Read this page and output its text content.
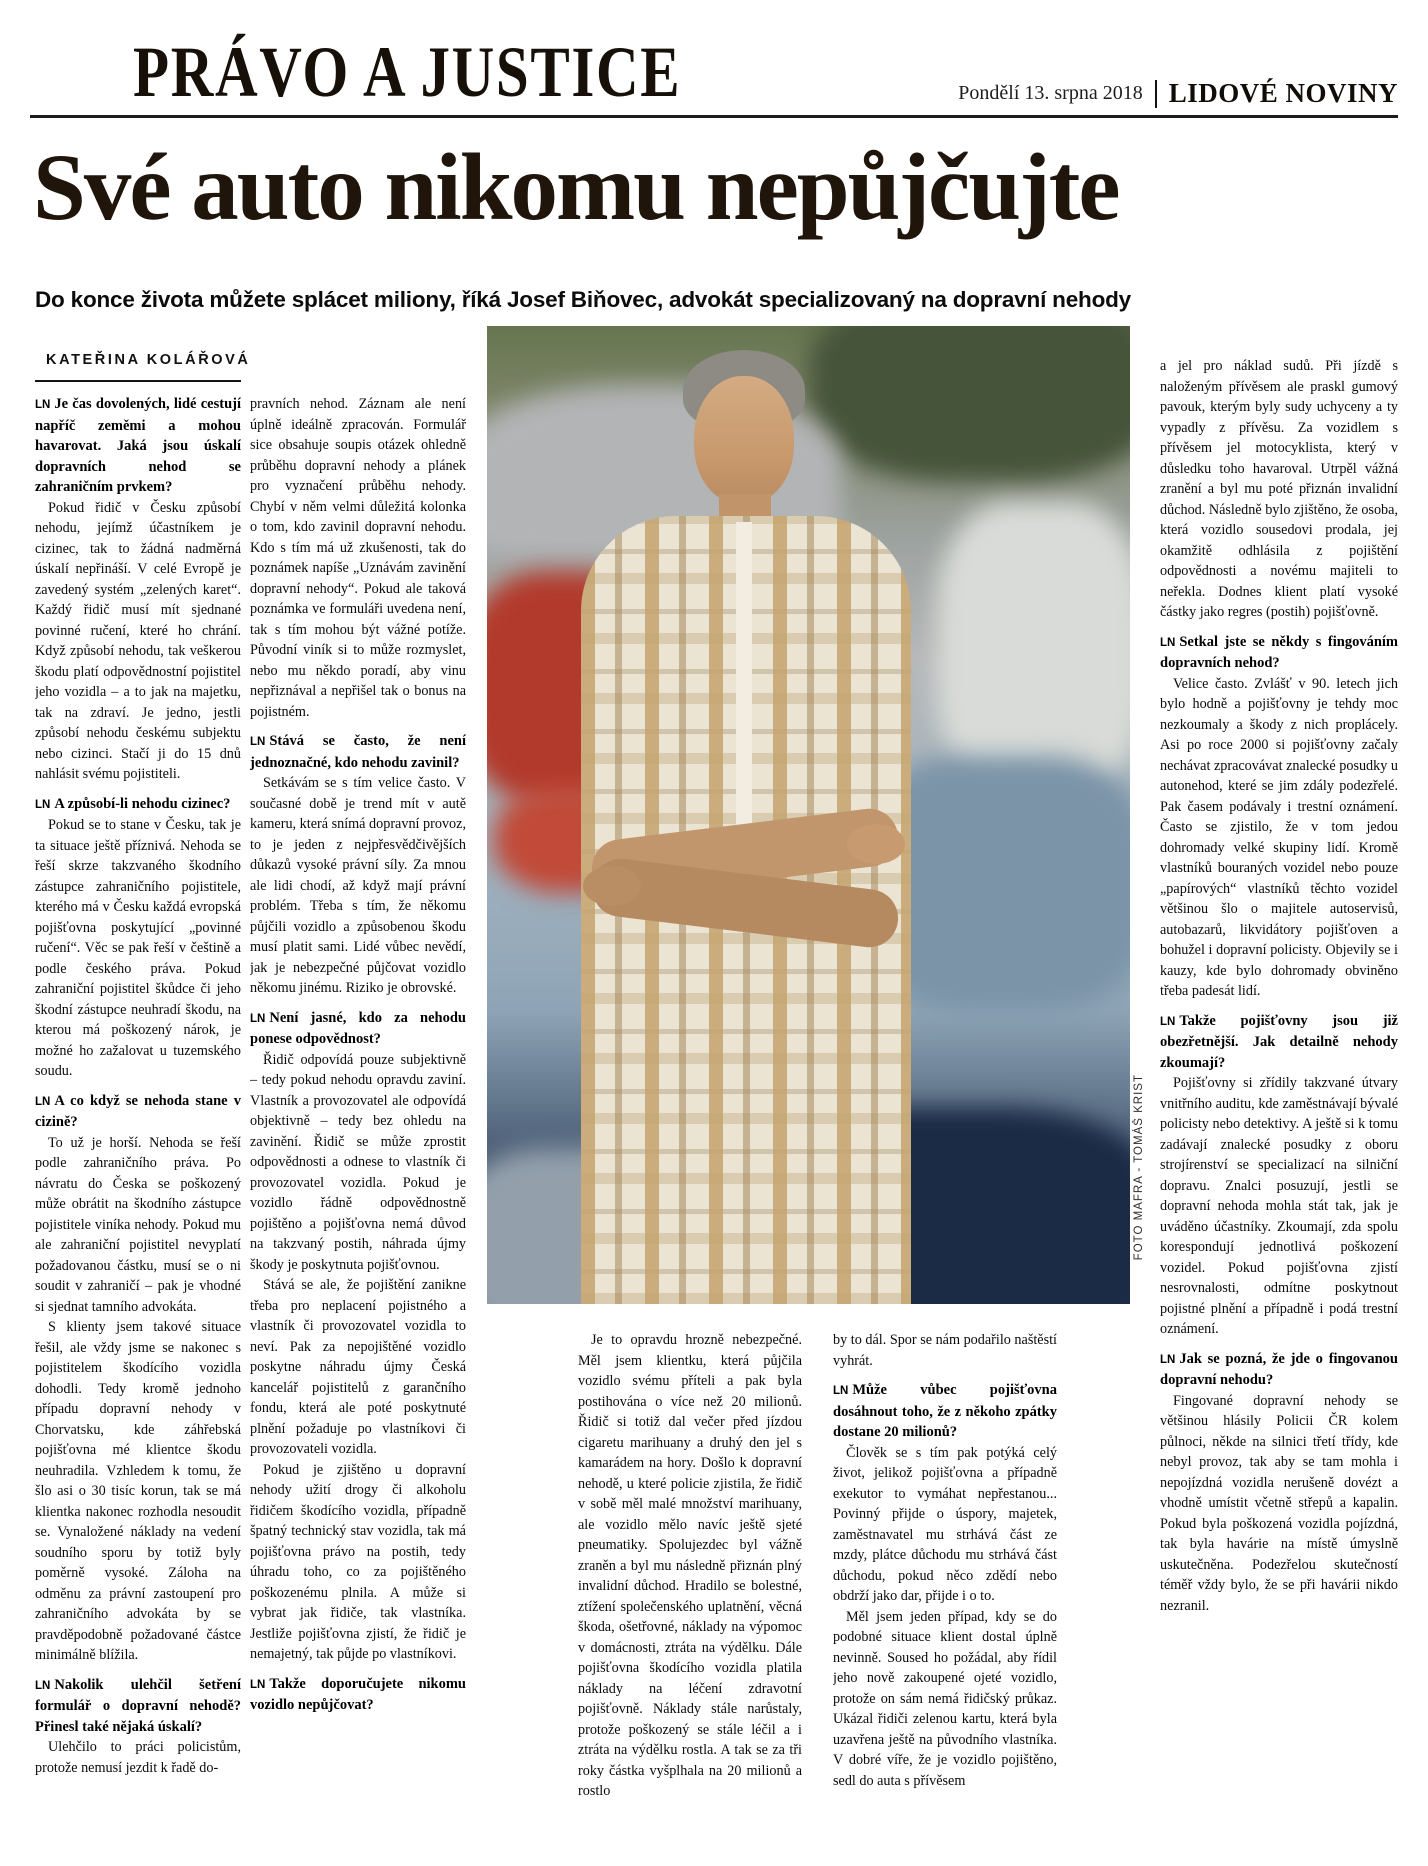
PRÁVO A JUSTICE	Pondělí 13. srpna 2018 LIDOVÉ NOVINY
Své auto nikomu nepůjčujte
Do konce života můžete splácet miliony, říká Josef Biňovec, advokát specializovaný na dopravní nehody
KATEŘINA KOLÁŘOVÁ
FOTO MAFRA - TOMÁŠ KRIST

LN Je čas dovolených, lidé cestují napříč zeměmi a mohou havarovat. Jaká jsou úskalí dopravních nehod se zahraničním prvkem?

Pokud řidič v Česku způsobí nehodu, jejímž účastníkem je cizinec, tak to žádná nadměrná úskalí nepřináší. V celé Evropě je zavedený systém „zelených karet“. Každý řidič musí mít sjednané povinné ručení, které ho chrání. Když způsobí nehodu, tak veškerou škodu platí odpovědnostní pojistitel jeho vozidla – a to jak na majetku, tak na zdraví. Je jedno, jestli způsobí nehodu českému subjektu nebo cizinci. Stačí ji do 15 dnů nahlásit svému pojistiteli.

LN A způsobí-li nehodu cizinec?

Pokud se to stane v Česku, tak je ta situace ještě příznivá. Nehoda se řeší skrze takzvaného škodního zástupce zahraničního pojistitele, kterého má v Česku každá evropská pojišťovna poskytující „povinné ručení“. Věc se pak řeší v češtině a podle českého práva. Pokud zahraniční pojistitel škůdce či jeho škodní zástupce neuhradí škodu, na kterou má poškozený nárok, je možné ho zažalovat u tuzemského soudu.

LN A co když se nehoda stane v cizině?

To už je horší. Nehoda se řeší podle zahraničního práva. Po návratu do Česka se poškozený může obrátit na škodního zástupce pojistitele viníka nehody. Pokud mu ale zahraniční pojistitel nevyplatí požadovanou částku, musí se o ni soudit v zahraničí – pak je vhodné si sjednat tamního advokáta.

S klienty jsem takové situace řešil, ale vždy jsme se nakonec s pojistitelem škodícího vozidla dohodli. Tedy kromě jednoho případu dopravní nehody v Chorvatsku, kde záhřebská pojišťovna mé klientce škodu neuhradila. Vzhledem k tomu, že šlo asi o 30 tisíc korun, tak se má klientka nakonec rozhodla nesoudit se. Vynaložené náklady na vedení soudního sporu by totiž byly poměrně vysoké. Záloha na odměnu za právní zastoupení pro zahraničního advokáta by se pravděpodobně požadované částce minimálně blížila.

LN Nakolik ulehčil šetření formulář o dopravní nehodě? Přinesl také nějaká úskalí?

Ulehčilo to práci policistům, protože nemusí jezdit k řadě do-

pravních nehod. Záznam ale není úplně ideálně zpracován. Formulář sice obsahuje soupis otázek ohledně průběhu dopravní nehody a plánek pro vyznačení průběhu nehody. Chybí v něm velmi důležitá kolonka o tom, kdo zavinil dopravní nehodu. Kdo s tím má už zkušenosti, tak do poznámek napíše „Uznávám zavinění dopravní nehody“. Pokud ale taková poznámka ve formuláři uvedena není, tak s tím mohou být vážné potíže. Původní viník si to může rozmyslet, nebo mu někdo poradí, aby vinu nepřiznával a nepřišel tak o bonus na pojistném.

LN Stává se často, že není jednoznačné, kdo nehodu zavinil?

Setkávám se s tím velice často. V současné době je trend mít v autě kameru, která snímá dopravní provoz, to je jeden z nejpřesvědčivějších důkazů vysoké právní síly. Za mnou ale lidi chodí, až když mají právní problém. Třeba s tím, že někomu půjčili vozidlo a způsobenou škodu musí platit sami. Lidé vůbec nevědí, jak je nebezpečné půjčovat vozidlo někomu jinému. Riziko je obrovské.

LN Není jasné, kdo za nehodu ponese odpovědnost?

Řidič odpovídá pouze subjektivně – tedy pokud nehodu opravdu zaviní. Vlastník a provozovatel ale odpovídá objektivně – tedy bez ohledu na zavinění. Řidič se může zprostit odpovědnosti a odnese to vlastník či provozovatel vozidla. Pokud je vozidlo řádně odpovědnostně pojištěno a pojišťovna nemá důvod na takzvaný postih, náhrada újmy škody je poskytnuta pojišťovnou.

Stává se ale, že pojištění zanikne třeba pro neplacení pojistného a vlastník či provozovatel vozidla to neví. Pak za nepojištěné vozidlo poskytne náhradu újmy Česká kancelář pojistitelů z garančního fondu, která ale poté poskytnuté plnění požaduje po vlastníkovi či provozovateli vozidla.

Pokud je zjištěno u dopravní nehody užití drogy či alkoholu řidičem škodícího vozidla, případně špatný technický stav vozidla, tak má pojišťovna právo na postih, tedy úhradu toho, co za pojištěného poškozenému plnila. A může si vybrat jak řidiče, tak vlastníka. Jestliže pojišťovna zjistí, že řidič je nemajetný, tak půjde po vlastníkovi.

LN Takže doporučujete nikomu vozidlo nepůjčovat?

Je to opravdu hrozně nebezpečné. Měl jsem klientku, která půjčila vozidlo svému příteli a pak byla postihována o více než 20 milionů. Řidič si totiž dal večer před jízdou cigaretu marihuany a druhý den jel s kamarádem na hory. Došlo k dopravní nehodě, u které policie zjistila, že řidič v sobě měl malé množství marihuany, ale vozidlo mělo navíc ještě sjeté pneumatiky. Spolujezdec byl vážně zraněn a byl mu následně přiznán plný invalidní důchod. Hradilo se bolestné, ztížení společenského uplatnění, věcná škoda, ošetřovné, náklady na výpomoc v domácnosti, ztráta na výdělku. Dále pojišťovna škodícího vozidla platila náklady na léčení zdravotní pojišťovně. Náklady stále narůstaly, protože poškozený se stále léčil a i ztráta na výdělku rostla. A tak se za tři roky částka vyšplhala na 20 milionů a rostlo

by to dál. Spor se nám podařilo naštěstí vyhrát.

LN Může vůbec pojišťovna dosáhnout toho, že z někoho zpátky dostane 20 milionů?

Člověk se s tím pak potýká celý život, jelikož pojišťovna a případně exekutor to vymáhat nepřestanou... Povinný přijde o úspory, majetek, zaměstnavatel mu strhává část ze mzdy, plátce důchodu mu strhává část důchodu, pokud něco zdědí nebo obdrží jako dar, přijde i o to.

Měl jsem jeden případ, kdy se do podobné situace klient dostal úplně nevinně. Soused ho požádal, aby řídil jeho nově zakoupené ojeté vozidlo, protože on sám nemá řidičský průkaz. Ukázal řidiči zelenou kartu, která byla uzavřena ještě na původního vlastníka. V dobré víře, že je vozidlo pojištěno, sedl do auta s přívěsem

a jel pro náklad sudů. Při jízdě s naloženým přívěsem ale praskl gumový pavouk, kterým byly sudy uchyceny a ty vypadly z přívěsu. Za vozidlem s přívěsem jel motocyklista, který v důsledku toho havaroval. Utrpěl vážná zranění a byl mu poté přiznán invalidní důchod. Následně bylo zjištěno, že osoba, která vozidlo sousedovi prodala, jej okamžitě odhlásila z pojištění odpovědnosti a novému majiteli to neřekla. Dodnes klient platí vysoké částky jako regres (postih) pojišťovně.

LN Setkal jste se někdy s fingováním dopravních nehod?

Velice často. Zvlášť v 90. letech jich bylo hodně a pojišťovny je tehdy moc nezkoumaly a škody z nich proplácely. Asi po roce 2000 si pojišťovny začaly nechávat zpracovávat znalecké posudky u autonehod, které se jim zdály podezřelé. Pak časem podávaly i trestní oznámení. Často se zjistilo, že v tom jedou dohromady velké skupiny lidí. Kromě vlastníků bouraných vozidel nebo pouze „papírových“ vlastníků těchto vozidel většinou šlo o majitele autoservisů, autobazarů, likvidátory pojišťoven a bohužel i dopravní policisty. Objevily se i kauzy, kde bylo dohromady obviněno třeba padesát lidí.

LN Takže pojišťovny jsou již obezřetnější. Jak detailně nehody zkoumají?

Pojišťovny si zřídily takzvané útvary vnitřního auditu, kde zaměstnávají bývalé policisty nebo detektivy. A ještě si k tomu zadávají znalecké posudky z oboru strojírenství se specializací na silniční dopravu. Znalci posuzují, jestli se dopravní nehoda mohla stát tak, jak je uváděno účastníky. Zkoumají, zda spolu korespondují jednotlivá poškození vozidel. Pokud pojišťovna zjistí nesrovnalosti, odmítne poskytnout pojistné plnění a případně i podá trestní oznámení.

LN Jak se pozná, že jde o fingovanou dopravní nehodu?

Fingované dopravní nehody se většinou hlásily Policii ČR kolem půlnoci, někde na silnici třetí třídy, kde nebyl provoz, tak aby se tam mohla i nepojízdná vozidla nerušeně dovézt a vhodně umístit včetně střepů a kapalin. Pokud byla poškozená vozidla pojízdná, tak byla havárie na místě úmyslně uskutečněna. Podezřelou skutečností téměř vždy bylo, že se při havárii nikdo nezranil.
